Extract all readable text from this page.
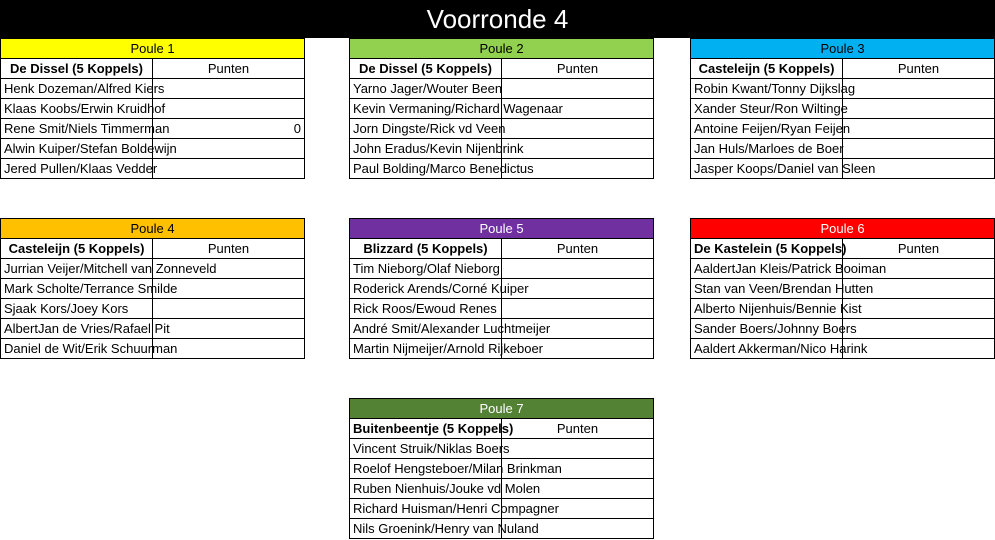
Voorronde 4
Poule 1	
De Dissel (5 Koppels)	Punten
Henk Dozeman/Alfred Kiers	
Klaas Koobs/Erwin Kruidhof	
Rene Smit/Niels Timmerman	0
Alwin Kuiper/Stefan Boldewijn	
Jered Pullen/Klaas Vedder	
Poule 2	
De Dissel (5 Koppels)	Punten
Yarno Jager/Wouter Been	
Kevin Vermaning/Richard Wagenaar	
Jorn Dingste/Rick vd Veen	
John Eradus/Kevin Nijenbrink	
Paul Bolding/Marco Benedictus	
Poule 3	
Casteleijn (5 Koppels)	Punten
Robin Kwant/Tonny Dijkslag	
Xander Steur/Ron Wiltinge	
Antoine Feijen/Ryan Feijen	
Jan Huls/Marloes de Boer	
Jasper Koops/Daniel van Sleen	
Poule 4	
Casteleijn (5 Koppels)	Punten
Jurrian Veijer/Mitchell van Zonneveld	
Mark Scholte/Terrance Smilde	
Sjaak Kors/Joey Kors	
AlbertJan de Vries/Rafael Pit	
Daniel de Wit/Erik Schuurman	
Poule 5	
Blizzard (5 Koppels)	Punten
Tim Nieborg/Olaf Nieborg	
Roderick Arends/Corné Kuiper	
Rick Roos/Ewoud Renes	
André Smit/Alexander Luchtmeijer	
Martin Nijmeijer/Arnold Rijkeboer	
Poule 6	
De Kastelein (5 Koppels)	Punten
AaldertJan Kleis/Patrick Booiman	
Stan van Veen/Brendan Hutten	
Alberto Nijenhuis/Bennie Kist	
Sander Boers/Johnny Boers	
Aaldert Akkerman/Nico Harink	
Poule 7	
Buitenbeentje (5 Koppels)	Punten
Vincent Struik/Niklas Boers	
Roelof Hengsteboer/Milan Brinkman	
Ruben Nienhuis/Jouke vd Molen	
Richard Huisman/Henri Compagner	
Nils Groenink/Henry van Nuland	
